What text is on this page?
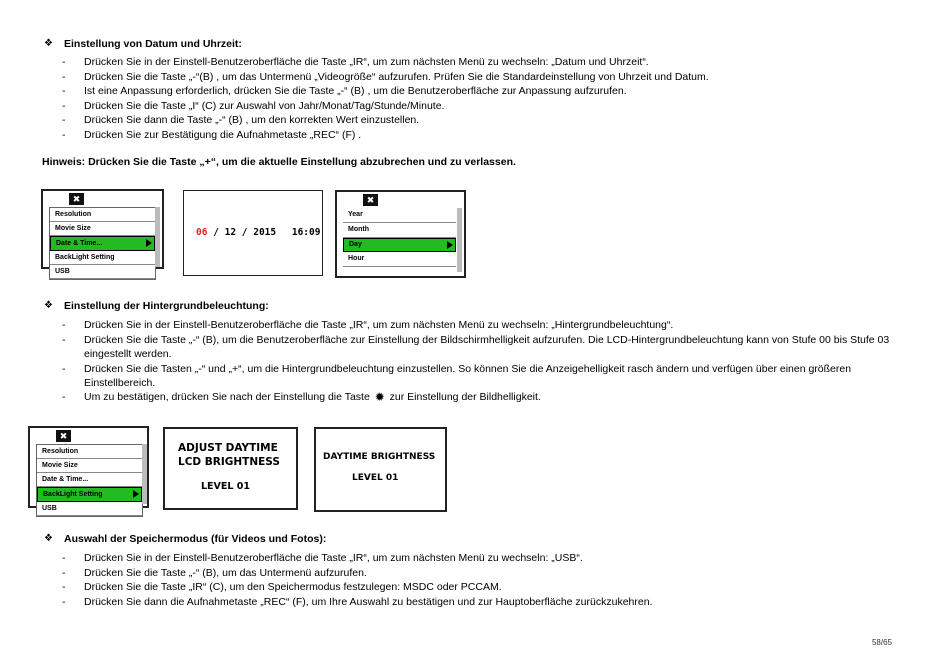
❖ Einstellung von Datum und Uhrzeit:
- Drücken Sie in der Einstell-Benutzeroberfläche die Taste „IR“, um zum nächsten Menü zu wechseln: „Datum und Uhrzeit“.
- Drücken Sie die Taste „-“(B) , um das Untermenü „Videogröße“ aufzurufen. Prüfen Sie die Standardeinstellung von Uhrzeit und Datum.
- Ist eine Anpassung erforderlich, drücken Sie die Taste „-“ (B) , um die Benutzeroberfläche zur Anpassung aufzurufen.
- Drücken Sie die Taste „I“ (C) zur Auswahl von Jahr/Monat/Tag/Stunde/Minute.
- Drücken Sie dann die Taste „-“ (B) , um den korrekten Wert einzustellen.
- Drücken Sie zur Bestätigung die Aufnahmetaste „REC“ (F) .
Hinweis: Drücken Sie die Taste „+“, um die aktuelle Einstellung abzubrechen und zu verlassen.
✖
Resolution
Movie Size
Date & Time...
BackLight Setting
USB
06 / 12 / 2015 16:09
✖
Year
Month
Day
Hour
❖ Einstellung der Hintergrundbeleuchtung:
- Drücken Sie in der Einstell-Benutzeroberfläche die Taste „IR“, um zum nächsten Menü zu wechseln: „Hintergrundbeleuchtung“.
- Drücken Sie die Taste „-“ (B), um die Benutzeroberfläche zur Einstellung der Bildschirmhelligkeit aufzurufen. Die LCD-Hintergrundbeleuchtung kann von Stufe 00 bis Stufe 03 eingestellt werden.
- Drücken Sie die Tasten „-“ und „+“, um die Hintergrundbeleuchtung einzustellen. So können Sie die Anzeigehelligkeit rasch ändern und verfügen über einen größeren Einstellbereich.
- Um zu bestätigen, drücken Sie nach der Einstellung die Taste ✹ zur Einstellung der Bildhelligkeit.
✖
Resolution
Movie Size
Date & Time...
BackLight Setting
USB
ADJUST DAYTIME
LCD BRIGHTNESS
LEVEL 01
DAYTIME BRIGHTNESS
LEVEL 01
❖ Auswahl der Speichermodus (für Videos und Fotos):
- Drücken Sie in der Einstell-Benutzeroberfläche die Taste „IR“, um zum nächsten Menü zu wechseln: „USB“.
- Drücken Sie die Taste „-“ (B), um das Untermenü aufzurufen.
- Drücken Sie die Taste „IR“ (C), um den Speichermodus festzulegen: MSDC oder PCCAM.
- Drücken Sie dann die Aufnahmetaste „REC“ (F), um Ihre Auswahl zu bestätigen und zur Hauptoberfläche zurückzukehren.
58/65
